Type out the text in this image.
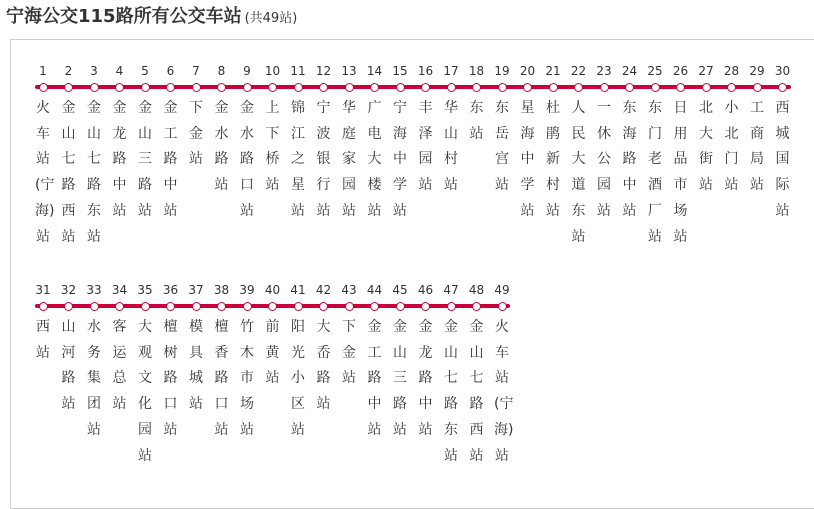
宁海公交115路所有公交车站 (共49站)
1
火车站(宁海)站
2
金山七路西站
3
金山七路东站
4
金龙路中站
5
金山三路站
6
金工路中站
7
下金站
8
金水路站
9
金水路口站
10
上下桥站
11
锦江之星站
12
宁波银行站
13
华庭家园站
14
广电大楼站
15
宁海中学站
16
丰泽园站
17
华山村站
18
东站
19
东岳宫站
20
星海中学站
21
杜鹃新村站
22
人民大道东站
23
一休公园站
24
东海路中站
25
东门老酒厂站
26
日用品市场站
27
北大街站
28
小北门站
29
工商局站
30
西城国际站
31
西站
32
山河路站
33
水务集团站
34
客运总站
35
大观文化园站
36
檀树路口站
37
模具城站
38
檀香路口站
39
竹木市场站
40
前黄站
41
阳光小区站
42
大岙路站
43
下金站
44
金工路中站
45
金山三路站
46
金龙路中站
47
金山七路东站
48
金山七路西站
49
火车站(宁海)站
